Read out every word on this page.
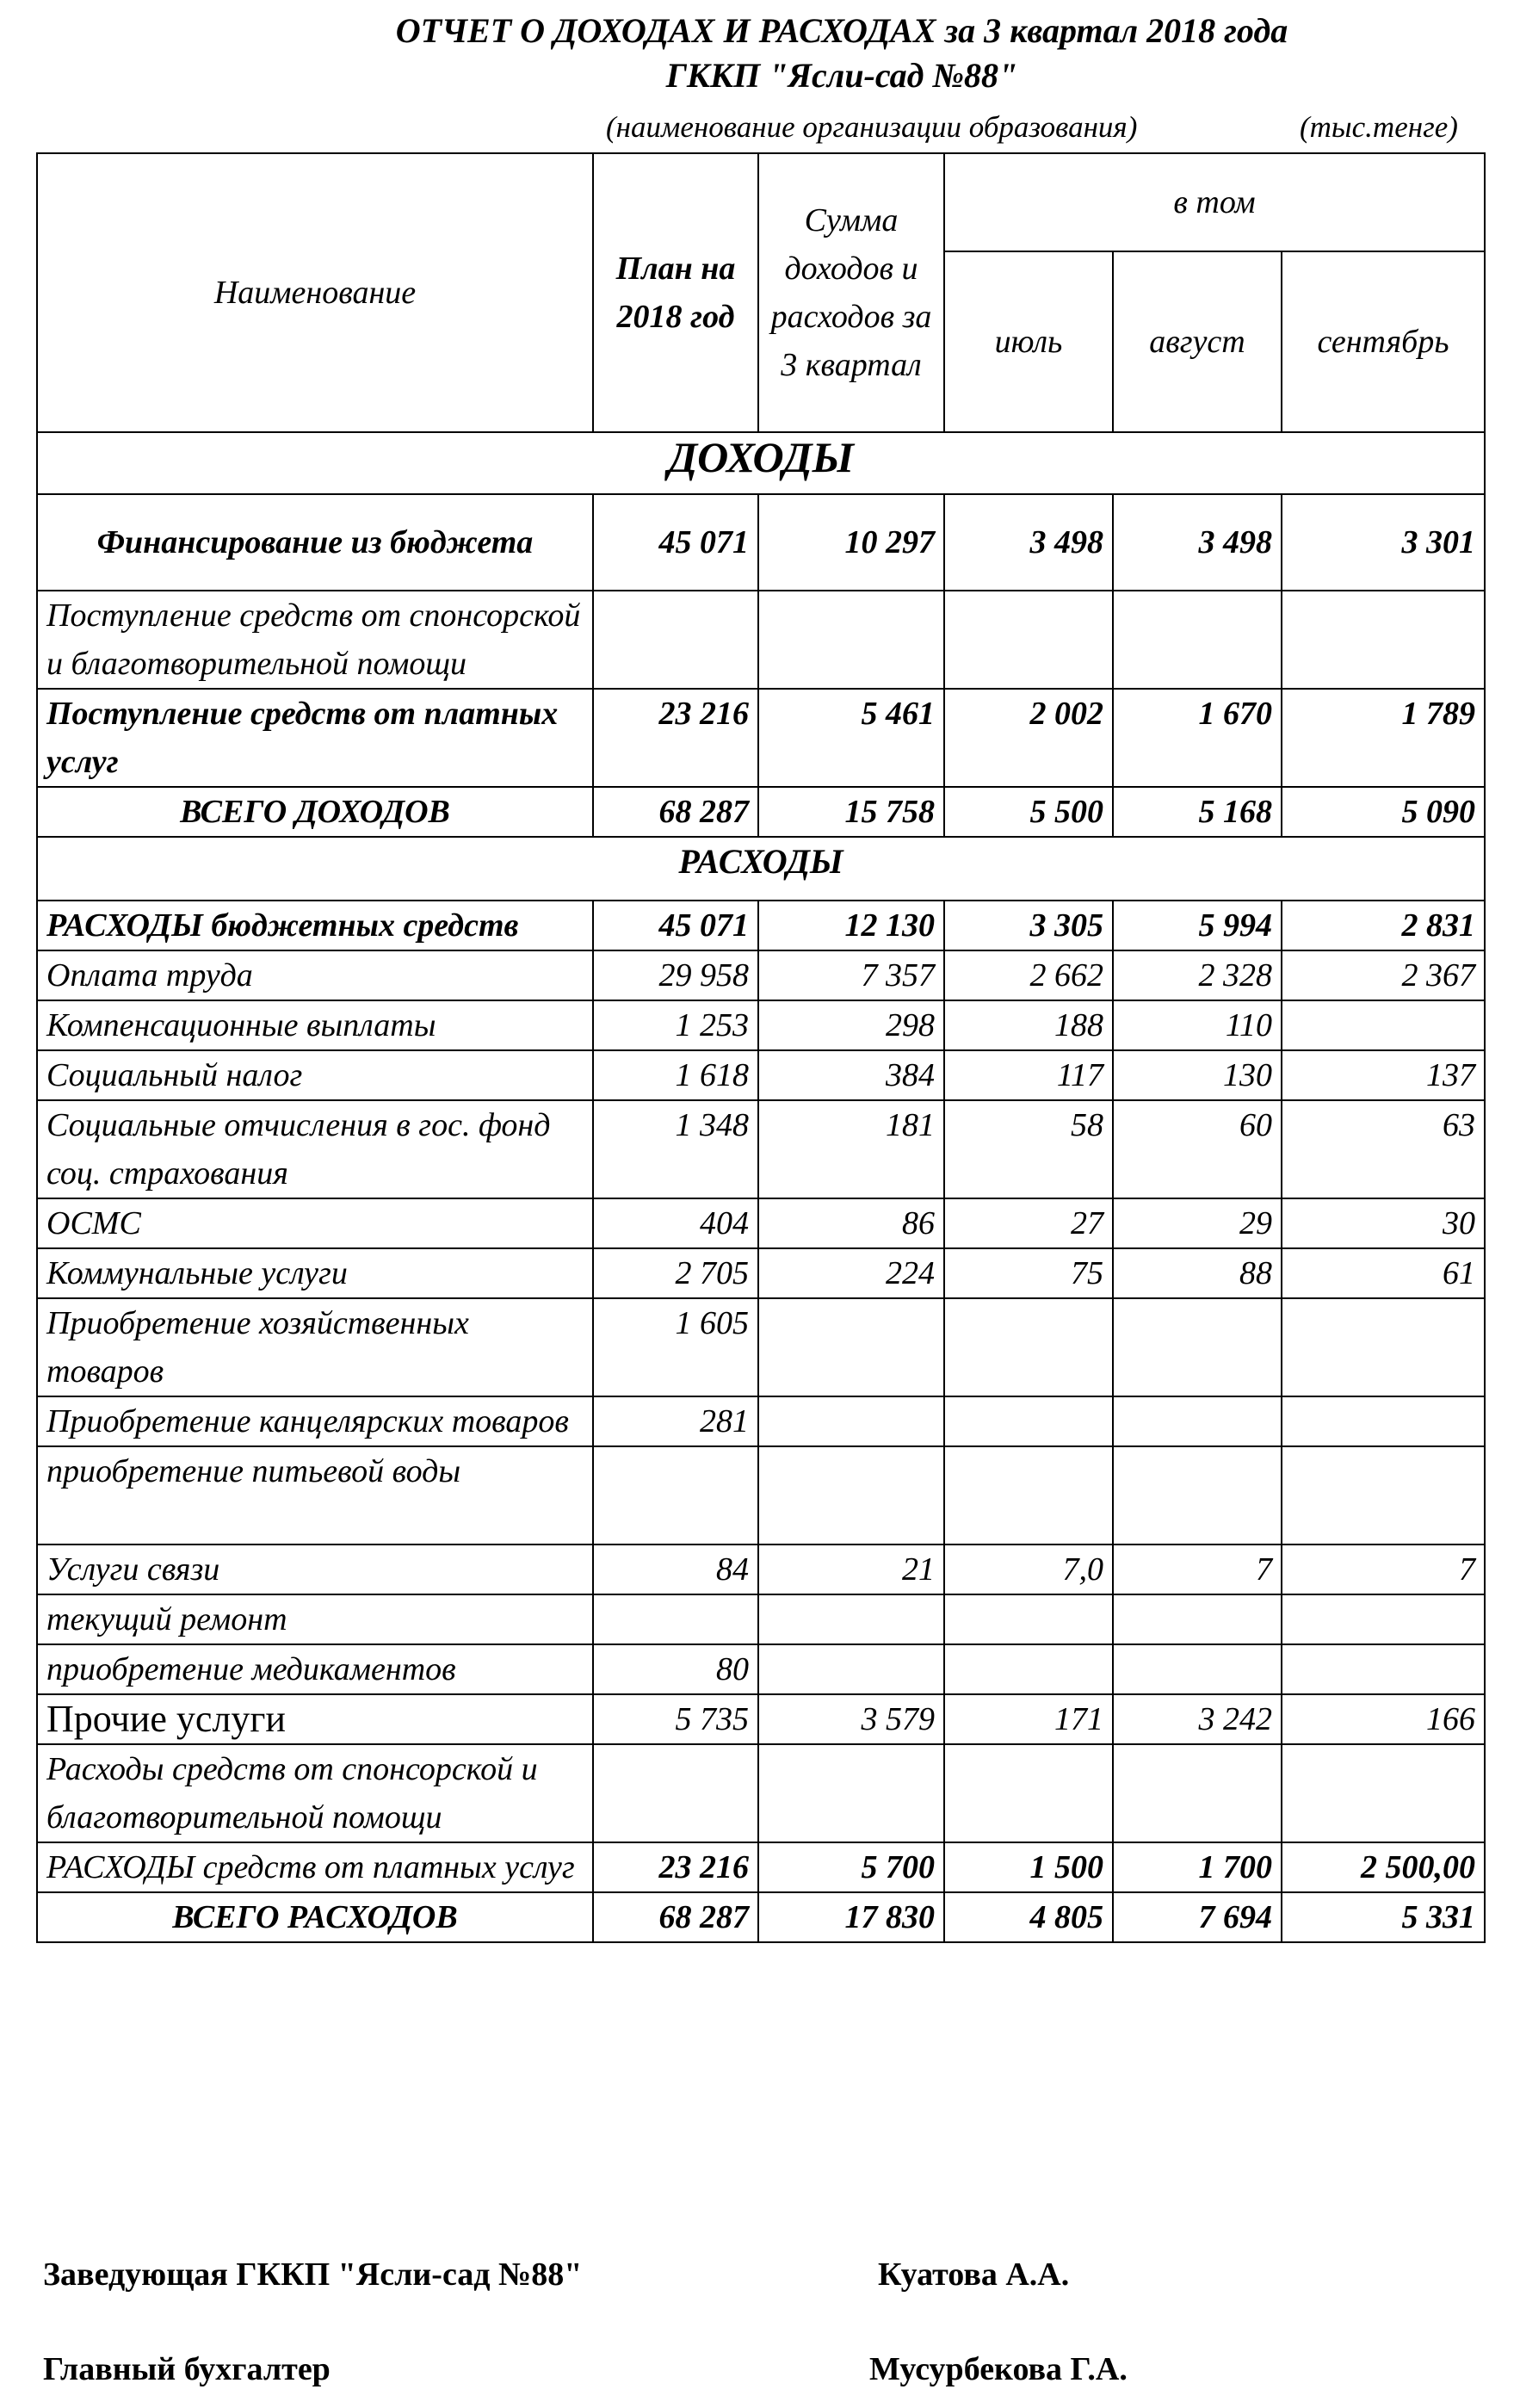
ОТЧЕТ О ДОХОДАХ И РАСХОДАХ за 3 квартал 2018 года
ГККП "Ясли-сад №88"
(наименование организации образования)	(тыс.тенге)
Наименование	План на 2018 год	Сумма доходов и расходов за 3 квартал	в том		
			июль	август	сентябрь
ДОХОДЫ					
Финансирование из бюджета	45 071	10 297	3 498	3 498	3 301
Поступление средств от спонсорской и благотворительной помощи					
Поступление средств от платных услуг	23 216	5 461	2 002	1 670	1 789
ВСЕГО ДОХОДОВ	68 287	15 758	5 500	5 168	5 090
РАСХОДЫ					
РАСХОДЫ бюджетных средств	45 071	12 130	3 305	5 994	2 831
Оплата труда	29 958	7 357	2 662	2 328	2 367
Компенсационные выплаты	1 253	298	188	110	
Социальный налог	1 618	384	117	130	137
Социальные отчисления в гос. фонд соц. страхования	1 348	181	58	60	63
ОСМС	404	86	27	29	30
Коммунальные услуги	2 705	224	75	88	61
Приобретение хозяйственных товаров	1 605				
Приобретение канцелярских товаров	281				
приобретение питьевой воды					
Услуги связи	84	21	7,0	7	7
текущий ремонт					
приобретение медикаментов	80				
Прочие услуги	5 735	3 579	171	3 242	166
Расходы средств от спонсорской и благотворительной помощи					
РАСХОДЫ средств от платных услуг	23 216	5 700	1 500	1 700	2 500,00
ВСЕГО РАСХОДОВ	68 287	17 830	4 805	7 694	5 331
Заведующая ГККП "Ясли-сад №88"	Куатова А.А.
Главный бухгалтер	Мусурбекова Г.А.
